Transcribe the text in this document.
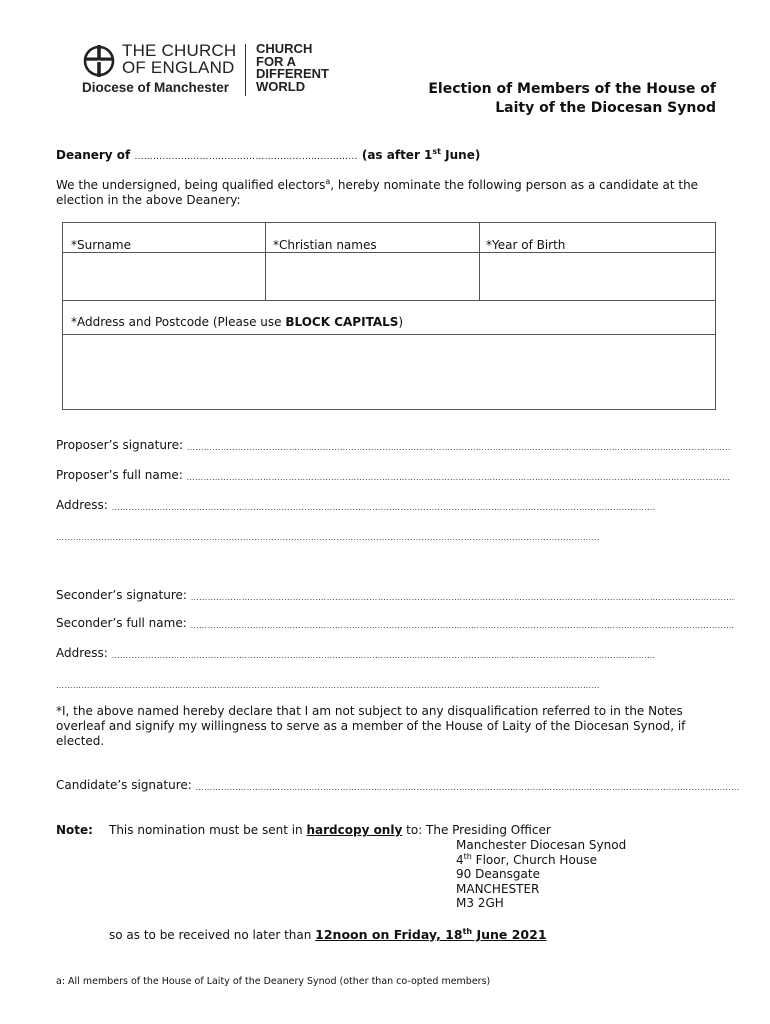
THE CHURCH
OF ENGLAND
Diocese of Manchester
CHURCH
FOR A
DIFFERENT
WORLD	Election of Members of the House of
Laity of the Diocesan Synod
Deanery of ……………………………………………………………… (as after 1st June)
We the undersigned, being qualified electors$^a$, hereby nominate the following person as a candidate at the election in the above Deanery:
*Surname	*Christian names	*Year of Birth
*Address and Postcode (Please use BLOCK CAPITALS)
Proposer’s signature: …………………………………………………………………………………………………………………………………………………………………………
Proposer’s full name: …………………………………………………………………………………………………………………………………………………………………………
Address: …………………………………………………………………………………………………………………………………………………………………………
…………………………………………………………………………………………………………………………………………………………………………
Seconder’s signature: …………………………………………………………………………………………………………………………………………………………………………
Seconder’s full name: …………………………………………………………………………………………………………………………………………………………………………
Address: …………………………………………………………………………………………………………………………………………………………………………
…………………………………………………………………………………………………………………………………………………………………………
*I, the above named hereby declare that I am not subject to any disqualification referred to in the Notes overleaf and signify my willingness to serve as a member of the House of Laity of the Diocesan Synod, if elected.
Candidate’s signature: …………………………………………………………………………………………………………………………………………………………………………
Note: This nomination must be sent in hardcopy only to: The Presiding Officer
Manchester Diocesan Synod
4th Floor, Church House
90 Deansgate
MANCHESTER
M3 2GH
so as to be received no later than 12noon on Friday, 18th June 2021
a: All members of the House of Laity of the Deanery Synod (other than co-opted members)
